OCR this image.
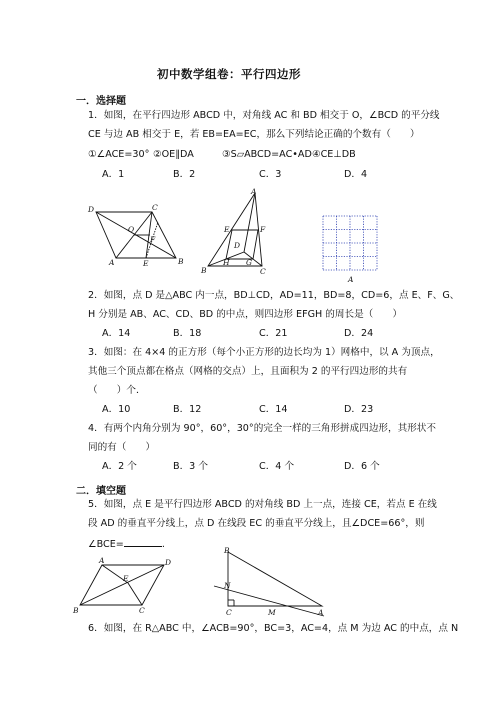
初中数学组卷：平行四边形
一．选择题
1．如图，在平行四边形 ABCD 中，对角线 AC 和 BD 相交于 O，∠BCD 的平分线
CE 与边 AB 相交于 E，若 EB=EA=EC，那么下列结论正确的个数有（　　）
①∠ACE=30° ②OE∥DA	③S▱ABCD=AC•AD ④CE⊥DB
A．1	B．2	C．3	D．4
D	C
O
F
A	E	B
A
E	F
D
H G
B	C
A
2．如图，点 D 是△ABC 内一点，BD⊥CD，AD=11，BD=8，CD=6，点 E、F、G、
H 分别是 AB、AC、CD、BD 的中点，则四边形 EFGH 的周长是（　　）
A．14	B．18	C．21	D．24
3．如图：在 4×4 的正方形（每个小正方形的边长均为 1）网格中，以 A 为顶点，
其他三个顶点都在格点（网格的交点）上，且面积为 2 的平行四边形的共有
（　　）个．
A．10	B．12	C．14	D．23
4．有两个内角分别为 90°，60°，30°的完全一样的三角形拼成四边形，其形状不
同的有（　　）
A．2 个	B．3 个	C．4 个	D．6 个
二．填空题
5．如图，点 E 是平行四边形 ABCD 的对角线 BD 上一点，连接 CE，若点 E 在线
段 AD 的垂直平分线上，点 D 在线段 EC 的垂直平分线上，且∠DCE=66°，则
∠BCE=	.
A	D
E
B	C
B
N
C	M	A
6．如图，在 R△ABC 中，∠ACB=90°，BC=3，AC=4，点 M 为边 AC 的中点，点 N
